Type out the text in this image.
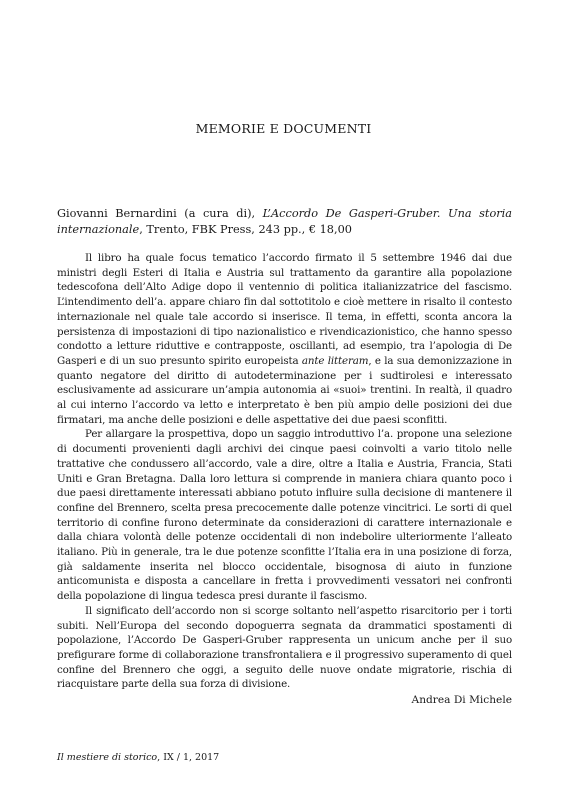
MEMORIE E DOCUMENTI

Giovanni Bernardini (a cura di), L’Accordo De Gasperi-Gruber. Una storia internazionale, Trento, FBK Press, 243 pp., € 18,00

Il libro ha quale focus tematico l’accordo firmato il 5 settembre 1946 dai due ministri degli Esteri di Italia e Austria sul trattamento da garantire alla popolazione tedescofona dell’Alto Adige dopo il ventennio di politica italianizzatrice del fascismo. L’intendimento dell’a. appare chiaro fin dal sottotitolo e cioè mettere in risalto il contesto internazionale nel quale tale accordo si inserisce. Il tema, in effetti, sconta ancora la persistenza di impostazioni di tipo nazionalistico e rivendicazionistico, che hanno spesso condotto a letture riduttive e contrapposte, oscillanti, ad esempio, tra l’apologia di De Gasperi e di un suo presunto spirito europeista ante litteram, e la sua demonizzazione in quanto negatore del diritto di autodeterminazione per i sudtirolesi e interessato esclusivamente ad assicurare un’ampia autonomia ai «suoi» trentini. In realtà, il quadro al cui interno l’accordo va letto e interpretato è ben più ampio delle posizioni dei due firmatari, ma anche delle posizioni e delle aspettative dei due paesi sconfitti.

Per allargare la prospettiva, dopo un saggio introduttivo l’a. propone una selezione di documenti provenienti dagli archivi dei cinque paesi coinvolti a vario titolo nelle trattative che condussero all’accordo, vale a dire, oltre a Italia e Austria, Francia, Stati Uniti e Gran Bretagna. Dalla loro lettura si comprende in maniera chiara quanto poco i due paesi direttamente interessati abbiano potuto influire sulla decisione di mantenere il confine del Brennero, scelta presa precocemente dalle potenze vincitrici. Le sorti di quel territorio di confine furono determinate da considerazioni di carattere internazionale e dalla chiara volontà delle potenze occidentali di non indebolire ulteriormente l’alleato italiano. Più in generale, tra le due potenze sconfitte l’Italia era in una posizione di forza, già saldamente inserita nel blocco occidentale, bisognosa di aiuto in funzione anticomunista e disposta a cancellare in fretta i provvedimenti vessatori nei confronti della popolazione di lingua tedesca presi durante il fascismo.

Il significato dell’accordo non si scorge soltanto nell’aspetto risarcitorio per i torti subiti. Nell’Europa del secondo dopoguerra segnata da drammatici spostamenti di popolazione, l’Accordo De Gasperi-Gruber rappresenta un unicum anche per il suo prefigurare forme di collaborazione transfrontaliera e il progressivo superamento di quel confine del Brennero che oggi, a seguito delle nuove ondate migratorie, rischia di riacquistare parte della sua forza di divisione.

Andrea Di Michele

Il mestiere di storico, IX / 1, 2017
